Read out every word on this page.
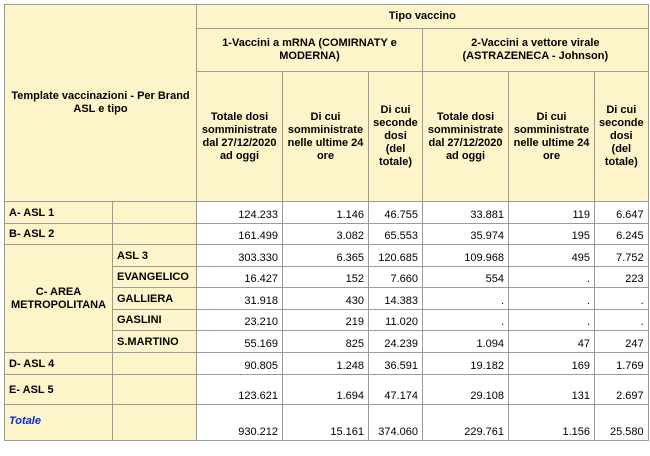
Template vaccinazioni - Per Brand ASL e tipo		Tipo vaccino					
		1-Vaccini a mRNA (COMIRNATY e MODERNA)			2-Vaccini a vettore virale (ASTRAZENECA - Johnson)		
		Totale dosi somministrate dal 27/12/2020 ad oggi	Di cui somministrate nelle ultime 24 ore	Di cui seconde dosi (del totale)	Totale dosi somministrate dal 27/12/2020 ad oggi	Di cui somministrate nelle ultime 24 ore	Di cui seconde dosi (del totale)
A- ASL 1		124.233	1.146	46.755	33.881	119	6.647
B- ASL 2		161.499	3.082	65.553	35.974	195	6.245
C- AREA METROPOLITANA	ASL 3	303.330	6.365	120.685	109.968	495	7.752
	EVANGELICO	16.427	152	7.660	554	.	223
	GALLIERA	31.918	430	14.383	.	.	.
	GASLINI	23.210	219	11.020	.	.	.
	S.MARTINO	55.169	825	24.239	1.094	47	247
D- ASL 4		90.805	1.248	36.591	19.182	169	1.769
E- ASL 5		123.621	1.694	47.174	29.108	131	2.697
Totale		930.212	15.161	374.060	229.761	1.156	25.580
